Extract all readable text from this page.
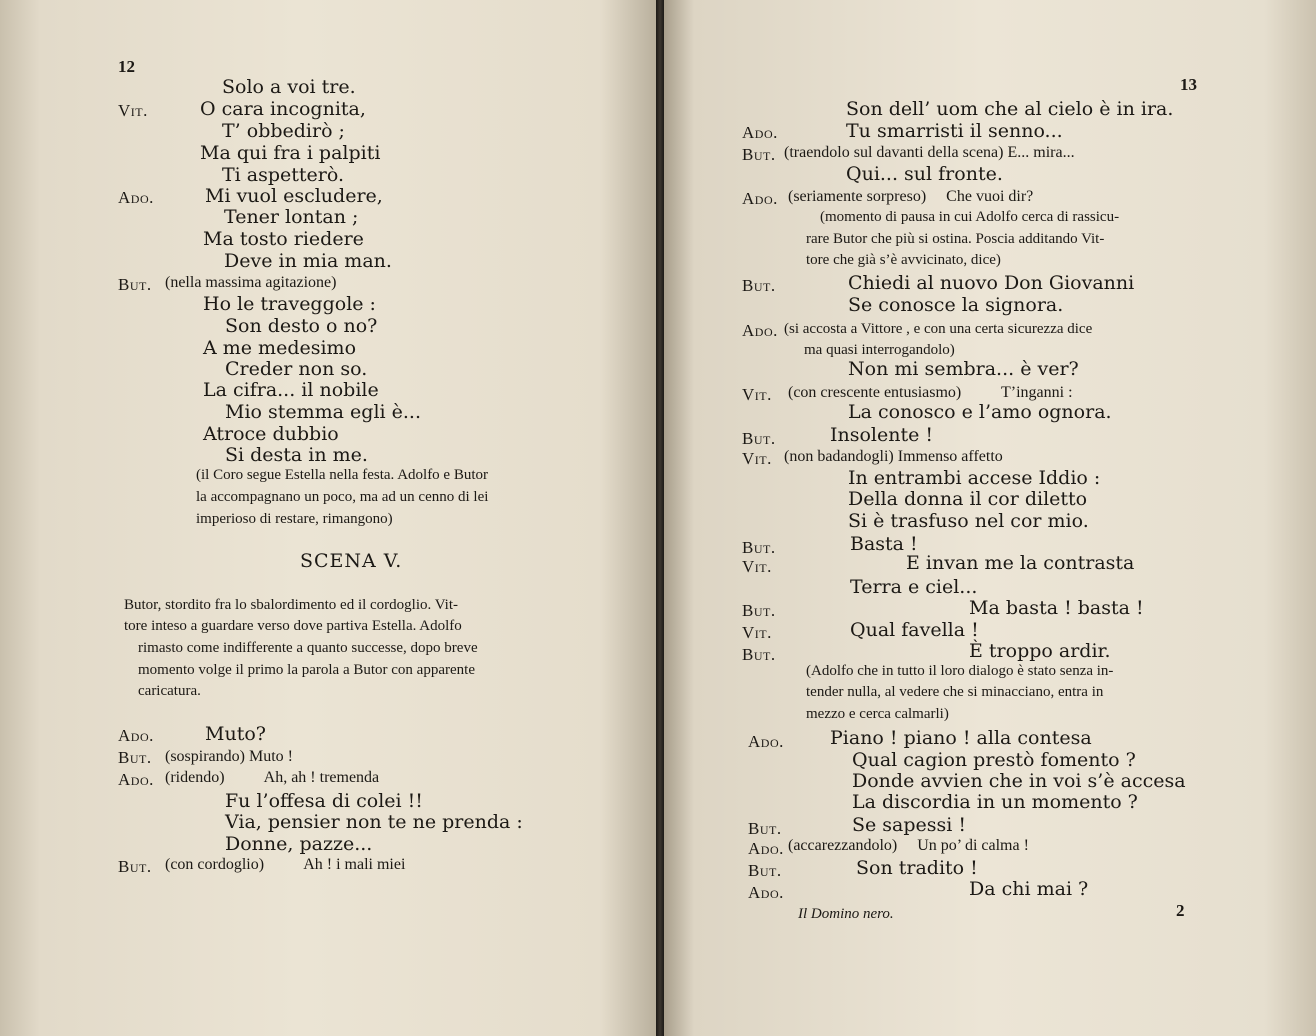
12
Solo a voi tre.
Vit.	O cara incognita,
T’ obbedirò ;
Ma qui fra i palpiti
Ti aspetterò.
Ado.	Mi vuol escludere,
Tener lontan ;
Ma tosto riedere
Deve in mia man.
But. (nella massima agitazione)
Ho le traveggole :
Son desto o no?
A me medesimo
Creder non so.
La cifra... il nobile
Mio stemma egli è...
Atroce dubbio
Si desta in me.
(il Coro segue Estella nella festa. Adolfo e Butor
la accompagnano un poco, ma ad un cenno di lei
imperioso di restare, rimangono)
SCENA V.
Butor, stordito fra lo sbalordimento ed il cordoglio. Vit-
tore inteso a guardare verso dove partiva Estella. Adolfo
rimasto come indifferente a quanto successe, dopo breve
momento volge il primo la parola a Butor con apparente
caricatura.
Ado.	Muto?
But. (sospirando) Muto !
Ado. (ridendo)          Ah, ah ! tremenda
Fu l’offesa di colei !!
Via, pensier non te ne prenda :
Donne, pazze...
But. (con cordoglio)          Ah ! i mali miei
13
Son dell’ uom che al cielo è in ira.
Ado.	Tu smarristi il senno...
But. (traendolo sul davanti della scena) E... mira...
Qui... sul fronte.
Ado. (seriamente sorpreso)     Che vuoi dir?
(momento di pausa in cui Adolfo cerca di rassicu-
rare Butor che più si ostina. Poscia additando Vit-
tore che già s’è avvicinato, dice)
But.	Chiedi al nuovo Don Giovanni
Se conosce la signora.
Ado. (si accosta a Vittore , e con una certa sicurezza dice
ma quasi interrogandolo)
Non mi sembra... è ver?
Vit. (con crescente entusiasmo)          T’inganni :
La conosco e l’amo ognora.
But.	Insolente !
Vit. (non badandogli) Immenso affetto
In entrambi accese Iddio :
Della donna il cor diletto
Si è trasfuso nel cor mio.
But.	Basta !
Vit.	E invan me la contrasta
Terra e ciel...
But.	Ma basta ! basta !
Vit.	Qual favella !
But.	È troppo ardir.
(Adolfo che in tutto il loro dialogo è stato senza in-
tender nulla, al vedere che si minacciano, entra in
mezzo e cerca calmarli)
Ado. Piano ! piano ! alla contesa
Qual cagion prestò fomento ?
Donde avvien che in voi s’è accesa
La discordia in un momento ?
But.	Se sapessi !
Ado. (accarezzandolo)     Un po’ di calma !
But.	Son tradito !
Ado.	Da chi mai ?
Il Domino nero.	2
